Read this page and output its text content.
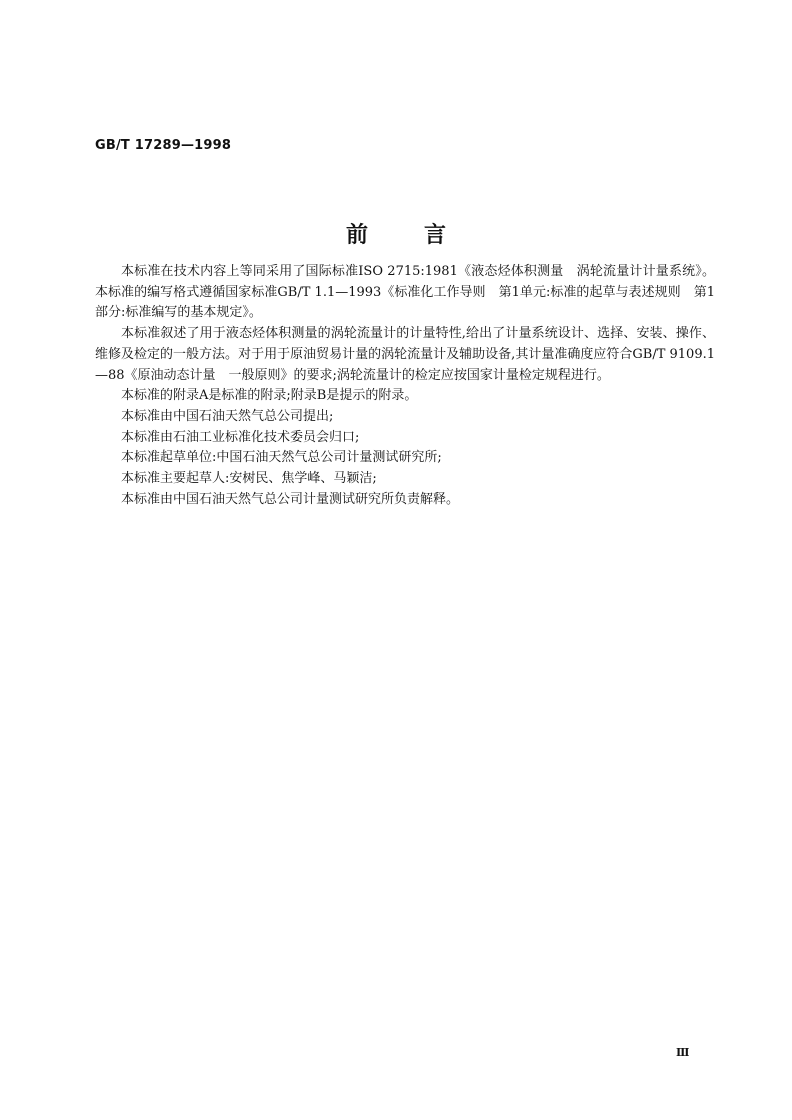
GB/T 17289—1998
前	言

本标准在技术内容上等同采用了国际标准ISO 2715:1981《液态烃体积测量　涡轮流量计计量系统》。本标准的编写格式遵循国家标准GB/T 1.1—1993《标准化工作导则　第1单元:标准的起草与表述规则　第1部分:标准编写的基本规定》。

本标准叙述了用于液态烃体积测量的涡轮流量计的计量特性,给出了计量系统设计、选择、安装、操作、维修及检定的一般方法。对于用于原油贸易计量的涡轮流量计及辅助设备,其计量准确度应符合GB/T 9109.1—88《原油动态计量　一般原则》的要求;涡轮流量计的检定应按国家计量检定规程进行。

本标准的附录A是标准的附录;附录B是提示的附录。

本标准由中国石油天然气总公司提出;

本标准由石油工业标准化技术委员会归口;

本标准起草单位:中国石油天然气总公司计量测试研究所;

本标准主要起草人:安树民、焦学峰、马颖洁;

本标准由中国石油天然气总公司计量测试研究所负责解释。

Ⅲ
